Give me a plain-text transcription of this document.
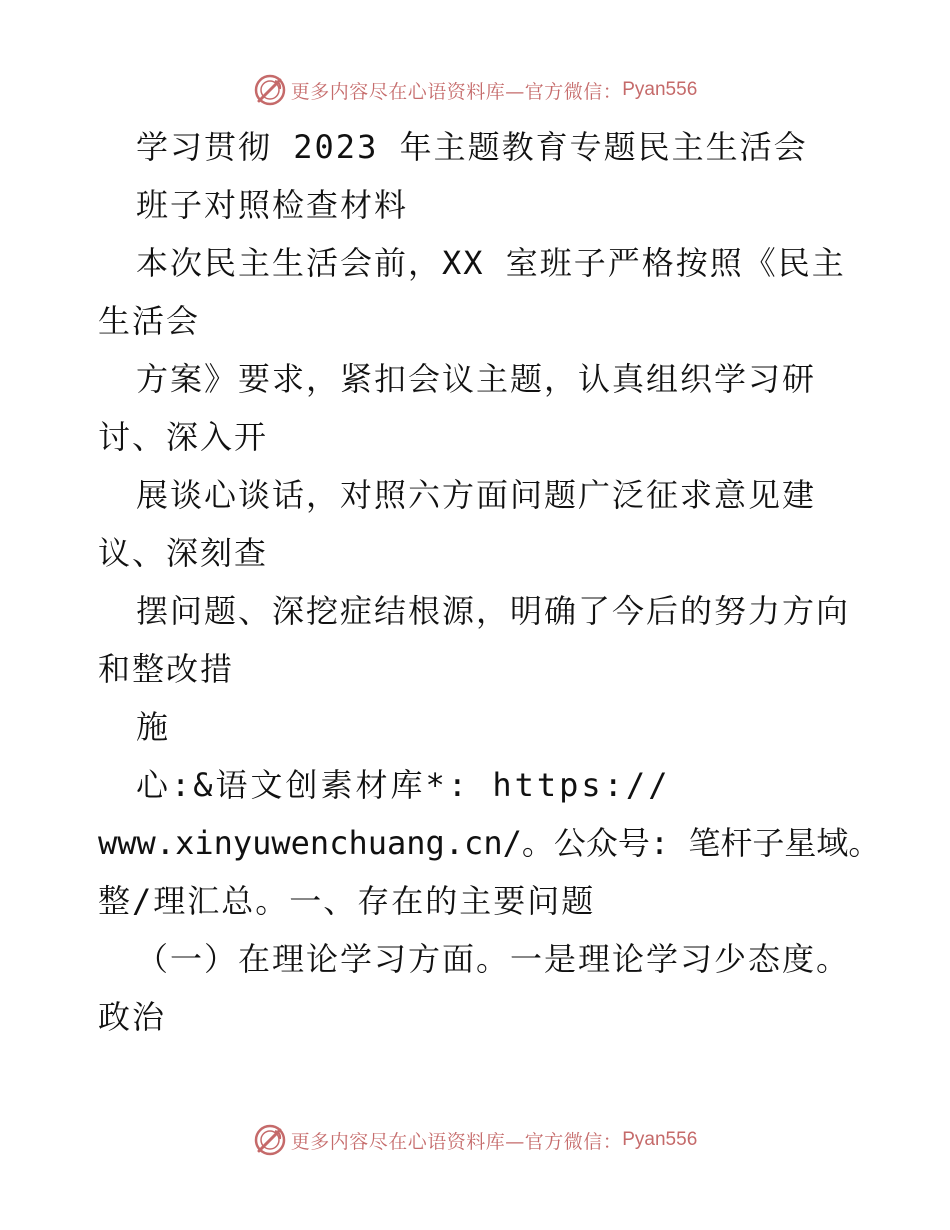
更多内容尽在心语资料库—官方微信： Pyan556
学习贯彻 2023 年主题教育专题民主生活会
班子对照检查材料
本次民主生活会前，XX 室班子严格按照《民主
生活会
方案》要求，紧扣会议主题，认真组织学习研
讨、深入开
展谈心谈话，对照六方面问题广泛征求意见建
议、深刻查
摆问题、深挖症结根源，明确了今后的努力方向
和整改措
施
心:&语文创素材库*: https://
www.xinyuwenchuang.cn/。公众号: 笔杆子星域。
整/理汇总。一、存在的主要问题
（一）在理论学习方面。一是理论学习少态度。
政治
更多内容尽在心语资料库—官方微信： Pyan556
